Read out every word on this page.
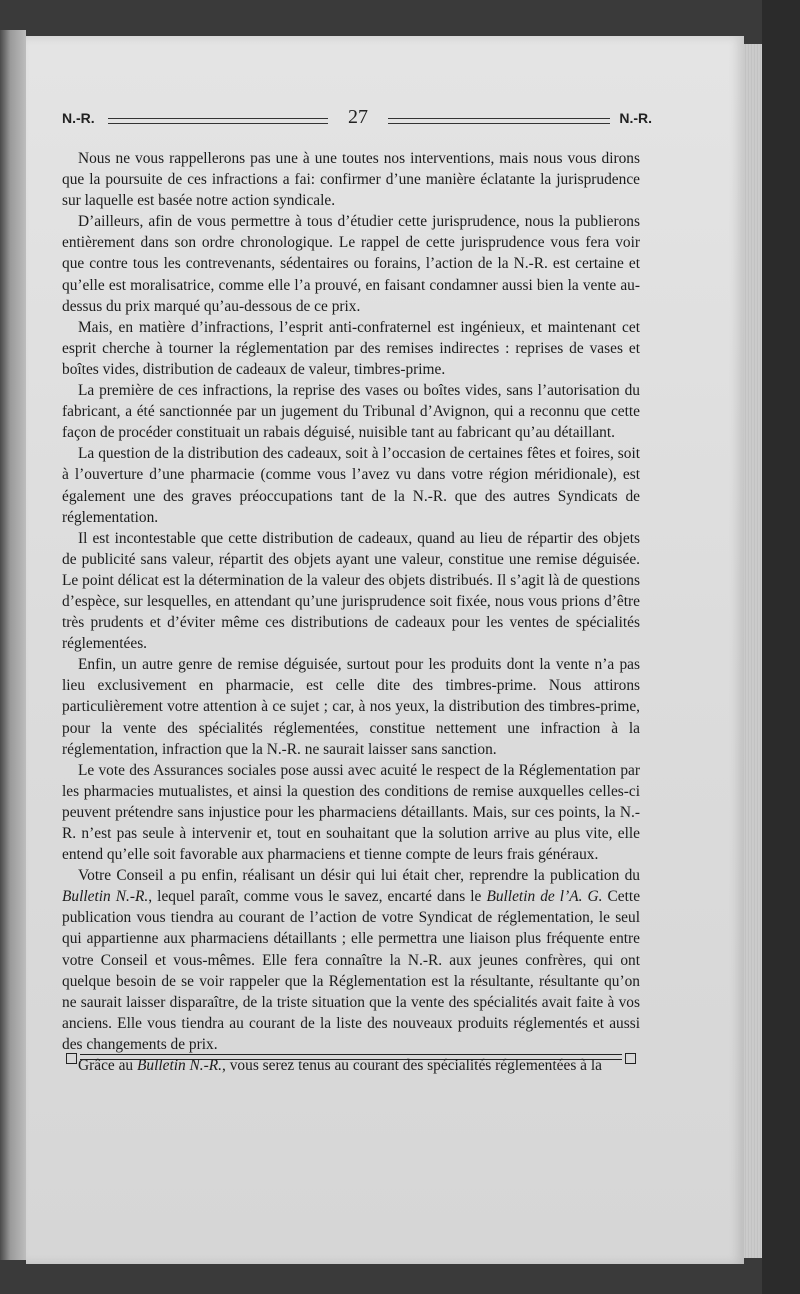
N.-R.	27	N.-R.

Nous ne vous rappellerons pas une à une toutes nos interventions, mais nous vous dirons que la poursuite de ces infractions a fai: confirmer d’une manière éclatante la jurisprudence sur laquelle est basée notre action syndicale.

D’ailleurs, afin de vous permettre à tous d’étudier cette jurisprudence, nous la publierons entièrement dans son ordre chronologique. Le rappel de cette jurisprudence vous fera voir que contre tous les contrevenants, sédentaires ou forains, l’action de la N.-R. est certaine et qu’elle est moralisatrice, comme elle l’a prouvé, en faisant condamner aussi bien la vente au-dessus du prix marqué qu’au-dessous de ce prix.

Mais, en matière d’infractions, l’esprit anti-confraternel est ingénieux, et maintenant cet esprit cherche à tourner la réglementation par des remises indirectes : reprises de vases et boîtes vides, distribution de cadeaux de valeur, timbres-prime.

La première de ces infractions, la reprise des vases ou boîtes vides, sans l’autorisation du fabricant, a été sanctionnée par un jugement du Tribunal d’Avignon, qui a reconnu que cette façon de procéder constituait un rabais déguisé, nuisible tant au fabricant qu’au détaillant.

La question de la distribution des cadeaux, soit à l’occasion de certaines fêtes et foires, soit à l’ouverture d’une pharmacie (comme vous l’avez vu dans votre région méridionale), est également une des graves préoccupations tant de la N.-R. que des autres Syndicats de réglementation.

Il est incontestable que cette distribution de cadeaux, quand au lieu de répartir des objets de publicité sans valeur, répartit des objets ayant une valeur, constitue une remise déguisée. Le point délicat est la détermination de la valeur des objets distribués. Il s’agit là de questions d’espèce, sur lesquelles, en attendant qu’une jurisprudence soit fixée, nous vous prions d’être très prudents et d’éviter même ces distributions de cadeaux pour les ventes de spécialités réglementées.

Enfin, un autre genre de remise déguisée, surtout pour les produits dont la vente n’a pas lieu exclusivement en pharmacie, est celle dite des timbres-prime. Nous attirons particulièrement votre attention à ce sujet ; car, à nos yeux, la distribution des timbres-prime, pour la vente des spécialités réglementées, constitue nettement une infraction à la réglementation, infraction que la N.-R. ne saurait laisser sans sanction.

Le vote des Assurances sociales pose aussi avec acuité le respect de la Réglementation par les pharmacies mutualistes, et ainsi la question des conditions de remise auxquelles celles-ci peuvent prétendre sans injustice pour les pharmaciens détaillants. Mais, sur ces points, la N.-R. n’est pas seule à intervenir et, tout en souhaitant que la solution arrive au plus vite, elle entend qu’elle soit favorable aux pharmaciens et tienne compte de leurs frais généraux.

Votre Conseil a pu enfin, réalisant un désir qui lui était cher, reprendre la publication du Bulletin N.-R., lequel paraît, comme vous le savez, encarté dans le Bulletin de l’A. G. Cette publication vous tiendra au courant de l’action de votre Syndicat de réglementation, le seul qui appartienne aux pharmaciens détaillants ; elle permettra une liaison plus fréquente entre votre Conseil et vous-mêmes. Elle fera connaître la N.-R. aux jeunes confrères, qui ont quelque besoin de se voir rappeler que la Réglementation est la résultante, résultante qu’on ne saurait laisser disparaître, de la triste situation que la vente des spécialités avait faite à vos anciens. Elle vous tiendra au courant de la liste des nouveaux produits réglementés et aussi des changements de prix.

Grâce au Bulletin N.-R., vous serez tenus au courant des spécialités réglementées à la
